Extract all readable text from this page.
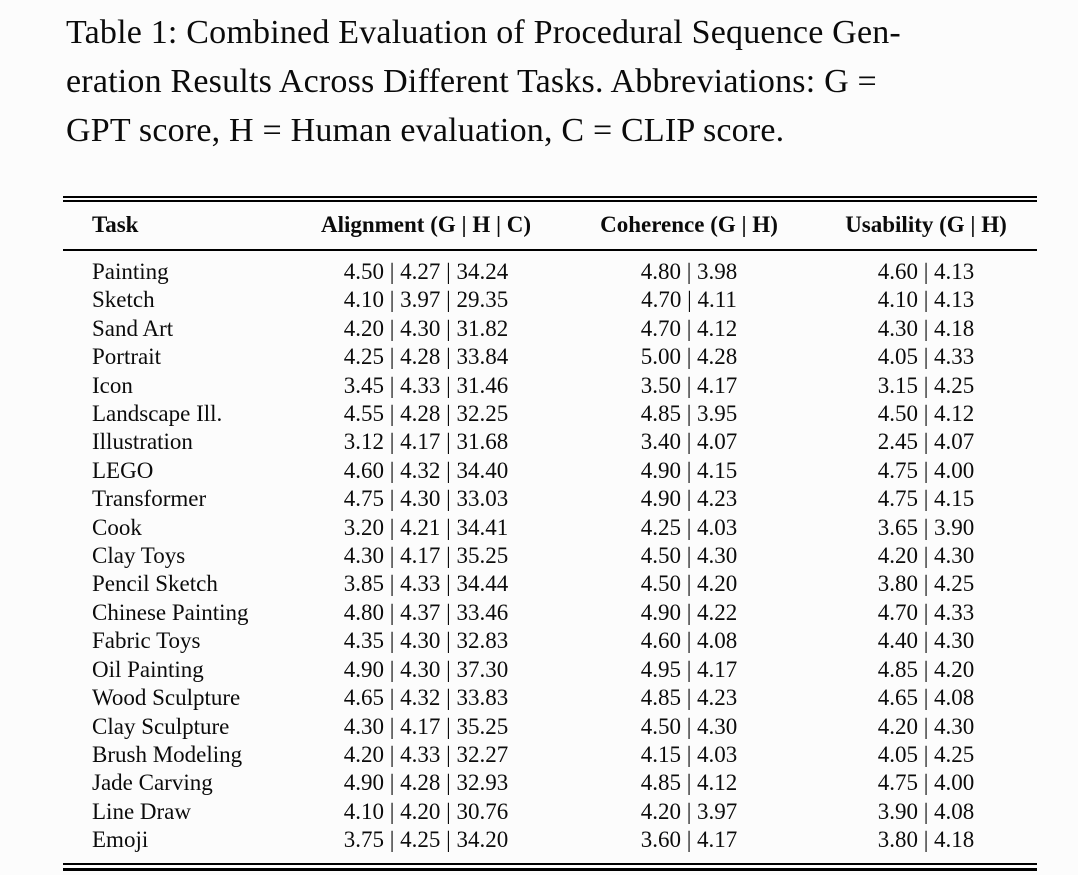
Table 1: Combined Evaluation of Procedural Sequence Gen-
eration Results Across Different Tasks. Abbreviations: G =
GPT score, H = Human evaluation, C = CLIP score.
Task	Alignment (G | H | C)	Coherence (G | H)	Usability (G | H)
Painting	4.50 | 4.27 | 34.24	4.80 | 3.98	4.60 | 4.13
Sketch	4.10 | 3.97 | 29.35	4.70 | 4.11	4.10 | 4.13
Sand Art	4.20 | 4.30 | 31.82	4.70 | 4.12	4.30 | 4.18
Portrait	4.25 | 4.28 | 33.84	5.00 | 4.28	4.05 | 4.33
Icon	3.45 | 4.33 | 31.46	3.50 | 4.17	3.15 | 4.25
Landscape Ill.	4.55 | 4.28 | 32.25	4.85 | 3.95	4.50 | 4.12
Illustration	3.12 | 4.17 | 31.68	3.40 | 4.07	2.45 | 4.07
LEGO	4.60 | 4.32 | 34.40	4.90 | 4.15	4.75 | 4.00
Transformer	4.75 | 4.30 | 33.03	4.90 | 4.23	4.75 | 4.15
Cook	3.20 | 4.21 | 34.41	4.25 | 4.03	3.65 | 3.90
Clay Toys	4.30 | 4.17 | 35.25	4.50 | 4.30	4.20 | 4.30
Pencil Sketch	3.85 | 4.33 | 34.44	4.50 | 4.20	3.80 | 4.25
Chinese Painting	4.80 | 4.37 | 33.46	4.90 | 4.22	4.70 | 4.33
Fabric Toys	4.35 | 4.30 | 32.83	4.60 | 4.08	4.40 | 4.30
Oil Painting	4.90 | 4.30 | 37.30	4.95 | 4.17	4.85 | 4.20
Wood Sculpture	4.65 | 4.32 | 33.83	4.85 | 4.23	4.65 | 4.08
Clay Sculpture	4.30 | 4.17 | 35.25	4.50 | 4.30	4.20 | 4.30
Brush Modeling	4.20 | 4.33 | 32.27	4.15 | 4.03	4.05 | 4.25
Jade Carving	4.90 | 4.28 | 32.93	4.85 | 4.12	4.75 | 4.00
Line Draw	4.10 | 4.20 | 30.76	4.20 | 3.97	3.90 | 4.08
Emoji	3.75 | 4.25 | 34.20	3.60 | 4.17	3.80 | 4.18
